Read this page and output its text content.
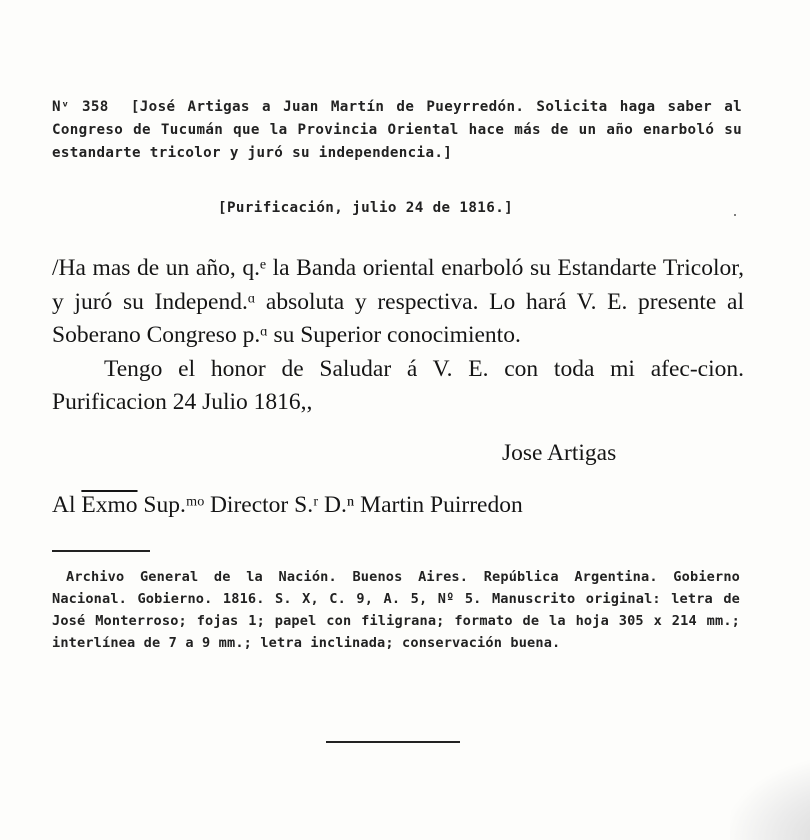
Nᵛ 358 [José Artigas a Juan Martín de Pueyrredón. Solicita haga saber al Congreso de Tucumán que la Provincia Oriental hace más de un año enarboló su estandarte tricolor y juró su independencia.]
[Purificación, julio 24 de 1816.]

/Ha mas de un año, q.ᵉ la Banda oriental enarboló su Estandarte Tricolor, y juró su Independ.ᵅ absoluta y respectiva. Lo hará V. E. presente al Soberano Congreso p.ᵅ su Superior conocimiento.

Tengo el honor de Saludar á V. E. con toda mi afec-cion. Purificacion 24 Julio 1816,,

Jose Artigas
Al Exmo Sup.ᵐᵒ Director S.ʳ D.ⁿ Martin Puirredon
Archivo General de la Nación. Buenos Aires. República Argentina. Gobierno Nacional. Gobierno. 1816. S. X, C. 9, A. 5, Nº 5. Manuscrito original: letra de José Monterroso; fojas 1; papel con filigrana; formato de la hoja 305 x 214 mm.; interlínea de 7 a 9 mm.; letra inclinada; conservación buena.
